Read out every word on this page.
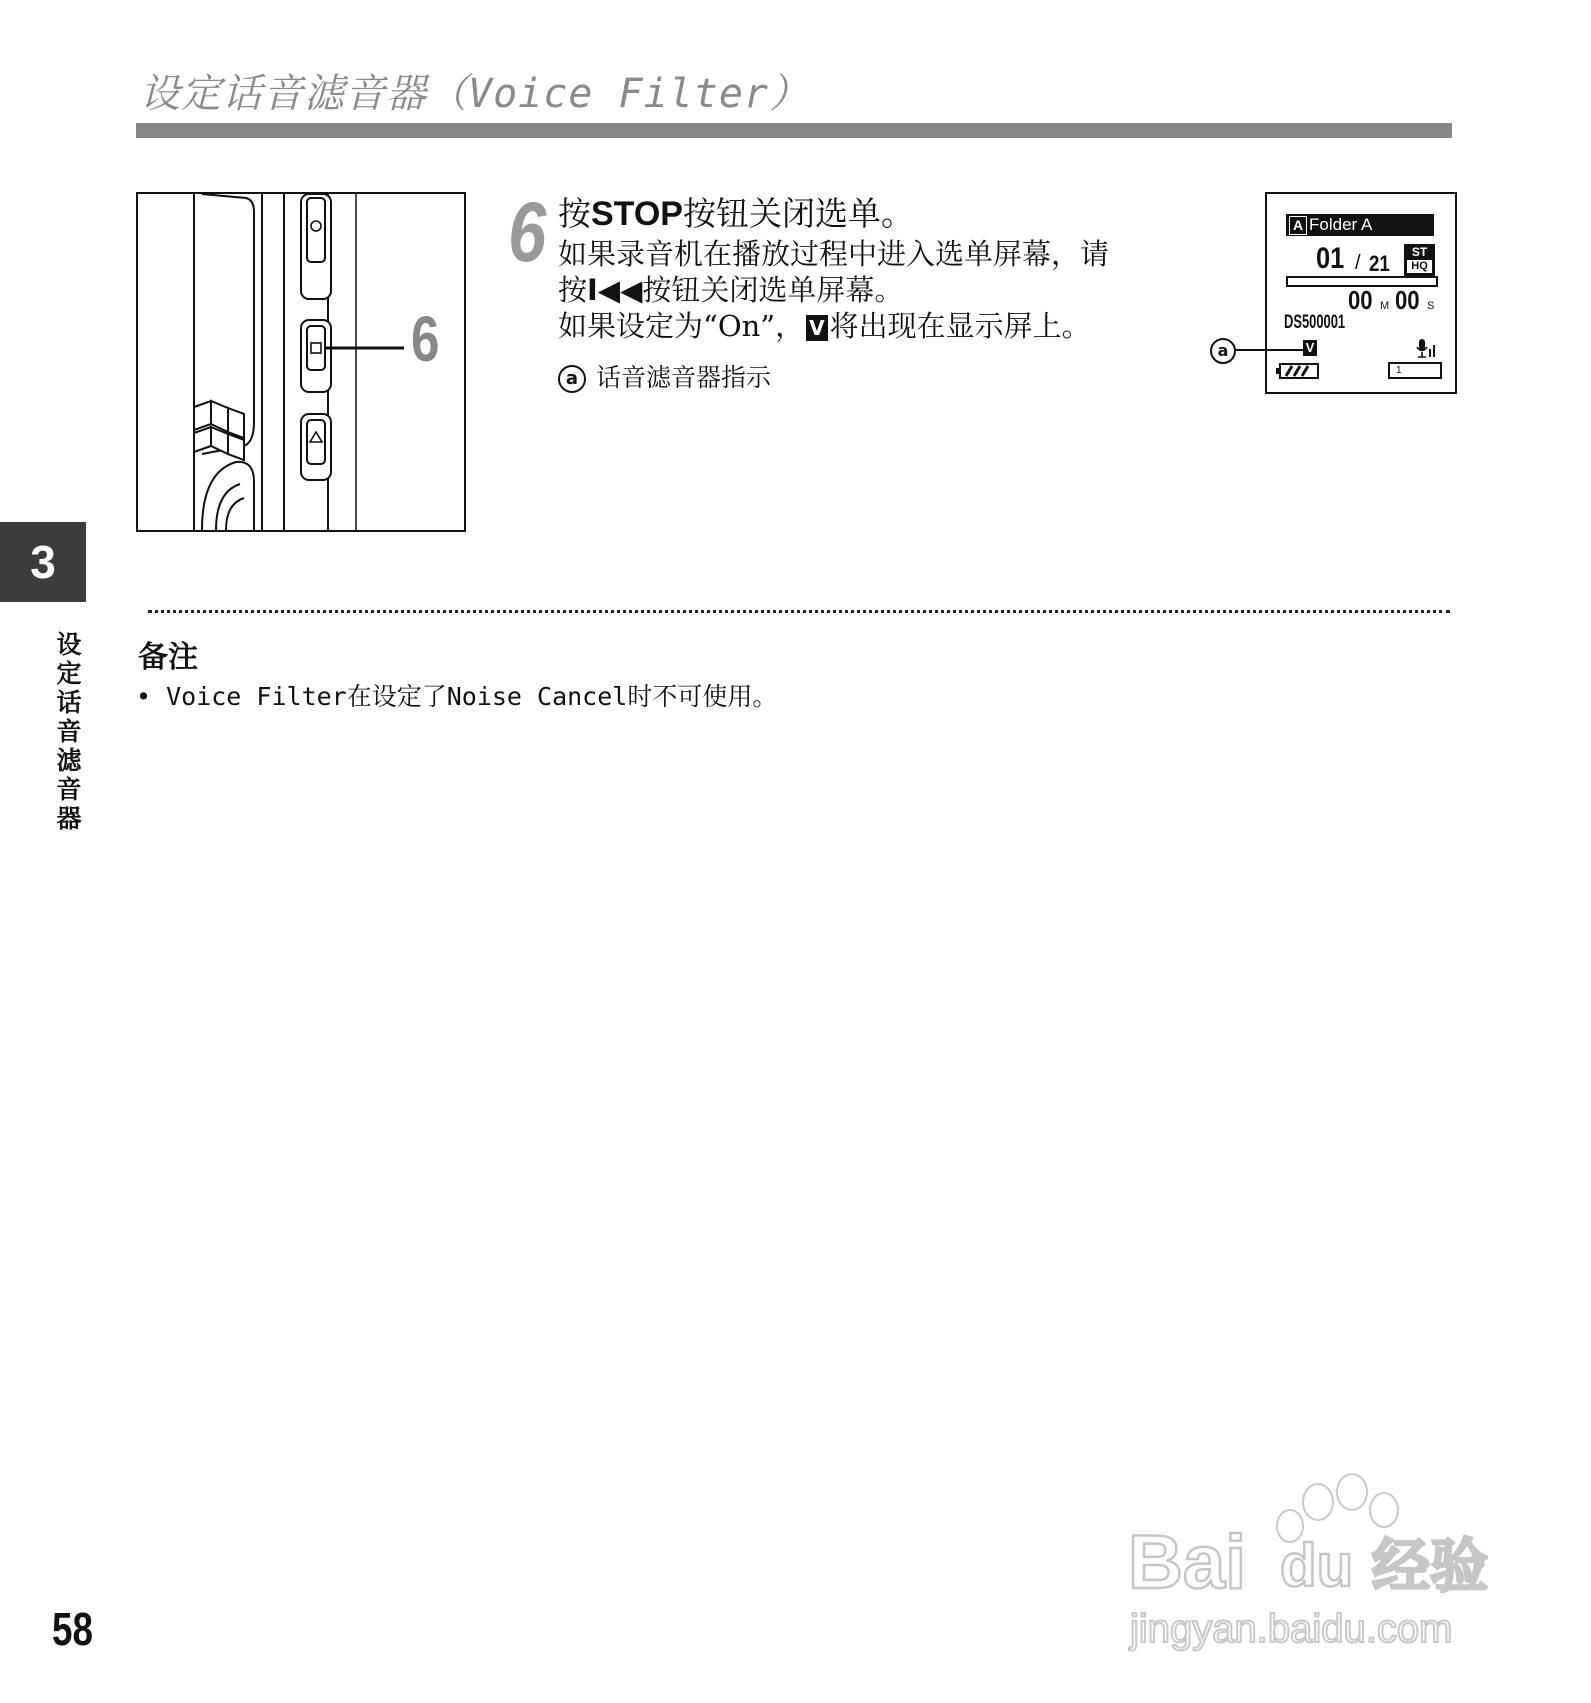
设定话音滤音器（Voice Filter）
6
6 按STOP按钮关闭选单。
如果录音机在播放过程中进入选单屏幕，请
按I◀◀按钮关闭选单屏幕。
如果设定为“On”， V 将出现在显示屏上。
a 话音滤音器指示
A Folder A
01 / 21	ST
HQ
00 M 00 S
DS500001
a	V
1
3
设
定
话
音
滤
音
器
备注
• Voice Filter在设定了Noise Cancel时不可使用。
58
Bai du 经验
jingyan.baidu.com
